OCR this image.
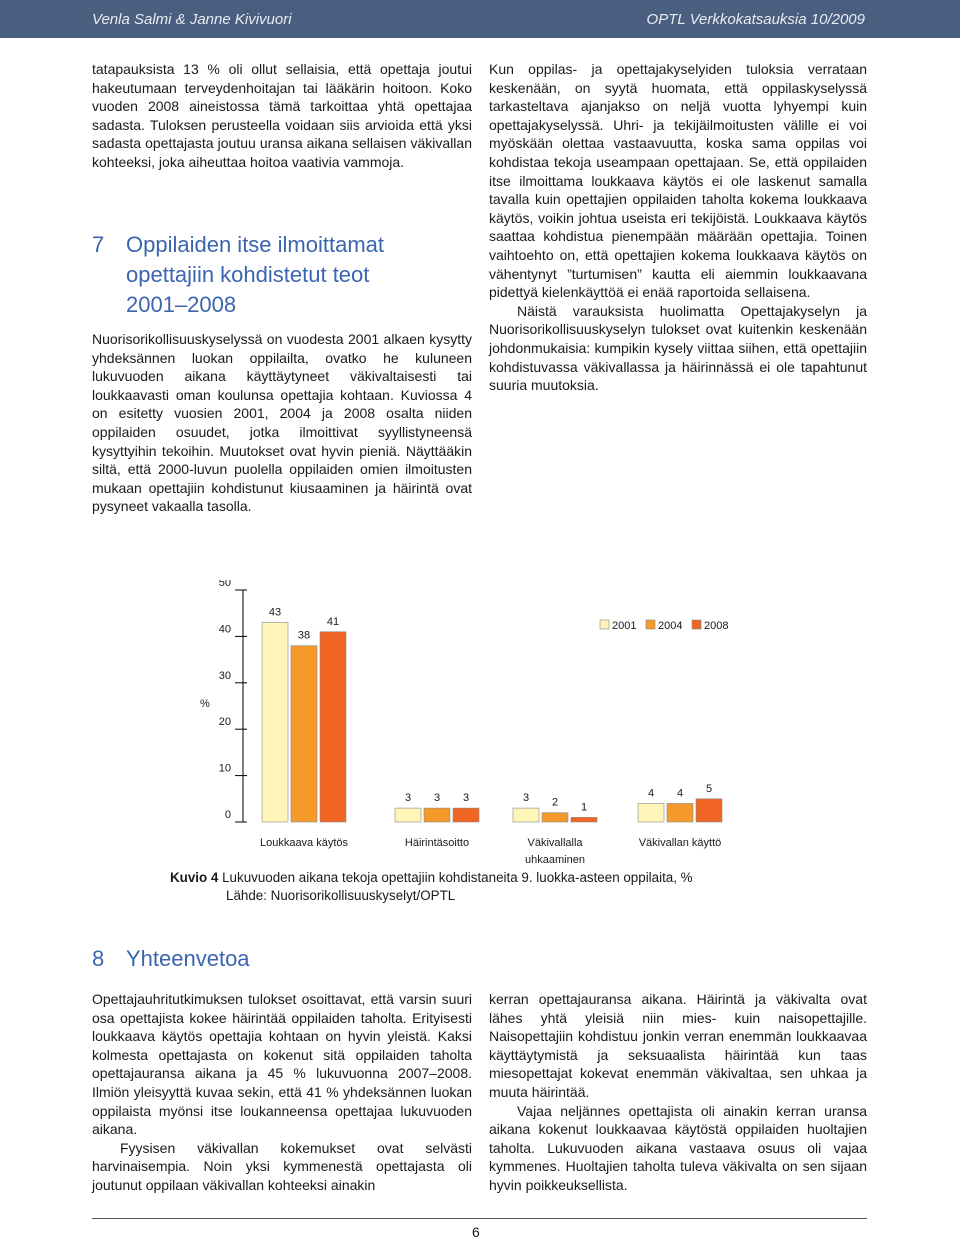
Venla Salmi & Janne Kivivuori	OPTL Verkkokatsauksia 10/2009

tatapauksista 13 % oli ollut sellaisia, että opettaja joutui hakeutumaan terveydenhoitajan tai lääkärin hoitoon. Koko vuoden 2008 aineistossa tämä tarkoittaa yhtä opettajaa sadasta. Tuloksen perusteella voidaan siis arvioida että yksi sadasta opettajasta joutuu uransa aikana sellaisen väkivallan kohteeksi, joka aiheuttaa hoitoa vaativia vammoja.

7 Oppilaiden itse ilmoittamat
opettajiin kohdistetut teot
2001–2008

Nuorisorikollisuuskyselyssä on vuodesta 2001 alkaen kysytty yhdeksännen luokan oppilailta, ovatko he kuluneen lukuvuoden aikana käyttäytyneet väkivaltaisesti tai loukkaavasti oman koulunsa opettajia kohtaan. Kuviossa 4 on esitetty vuosien 2001, 2004 ja 2008 osalta niiden oppilaiden osuudet, jotka ilmoittivat syyllistyneensä kysyttyihin tekoihin. Muutokset ovat hyvin pieniä. Näyttääkin siltä, että 2000-luvun puolella oppilaiden omien ilmoitusten mukaan opettajiin kohdistunut kiusaaminen ja häirintä ovat pysyneet vakaalla tasolla.

Kun oppilas- ja opettajakyselyiden tuloksia verrataan keskenään, on syytä huomata, että oppilaskyselyssä tarkasteltava ajanjakso on neljä vuotta lyhyempi kuin opettajakyselyssä. Uhri- ja tekijäilmoitusten välille ei voi myöskään olettaa vastaavuutta, koska sama oppilas voi kohdistaa tekoja useampaan opettajaan. Se, että oppilaiden itse ilmoittama loukkaava käytös ei ole laskenut samalla tavalla kuin opettajien oppilaiden taholta kokema loukkaava käytös, voikin johtua useista eri tekijöistä. Loukkaava käytös saattaa kohdistua pienempään määrään opettajia. Toinen vaihtoehto on, että opettajien kokema loukkaava käytös on vähentynyt ”turtumisen” kautta eli aiemmin loukkaavana pidettyä kielenkäyttöä ei enää raportoida sellaisena.

Näistä varauksista huolimatta Opettajakyselyn ja Nuorisorikollisuuskyselyn tulokset ovat kuitenkin keskenään johdonmukaisia: kumpikin kysely viittaa siihen, että opettajiin kohdistuvassa väkivallassa ja häirinnässä ei ole tapahtunut suuria muutoksia.

0
10
20
30
40
50
%
43
38
41
Loukkaava käytös
3 3 3
Häirintäsoitto
3 2 1
Väkivallalla
uhkaaminen
4 4 5
Väkivallan käyttö
2001 2004 2008
Kuvio 4 Lukuvuoden aikana tekoja opettajiin kohdistaneita 9. luokka-asteen oppilaita, %
Lähde: Nuorisorikollisuuskyselyt/OPTL
8 Yhteenvetoa

Opettajauhritutkimuksen tulokset osoittavat, että varsin suuri osa opettajista kokee häirintää oppilaiden taholta. Erityisesti loukkaava käytös opettajia kohtaan on hyvin yleistä. Kaksi kolmesta opettajasta on kokenut sitä oppilaiden taholta opettajauransa aikana ja 45 % lukuvuonna 2007–2008. Ilmiön yleisyyttä kuvaa sekin, että 41 % yhdeksännen luokan oppilaista myönsi itse loukanneensa opettajaa lukuvuoden aikana.

Fyysisen väkivallan kokemukset ovat selvästi harvinaisempia. Noin yksi kymmenestä opettajasta oli joutunut oppilaan väkivallan kohteeksi ainakin

kerran opettajauransa aikana. Häirintä ja väkivalta ovat lähes yhtä yleisiä niin mies- kuin naisopettajille. Naisopettajiin kohdistuu jonkin verran enemmän loukkaavaa käyttäytymistä ja seksuaalista häirintää kun taas miesopettajat kokevat enemmän väkivaltaa, sen uhkaa ja muuta häirintää.

Vajaa neljännes opettajista oli ainakin kerran uransa aikana kokenut loukkaavaa käytöstä oppilaiden huoltajien taholta. Lukuvuoden aikana vastaava osuus oli vajaa kymmenes. Huoltajien taholta tuleva väkivalta on sen sijaan hyvin poikkeuksellista.

6
